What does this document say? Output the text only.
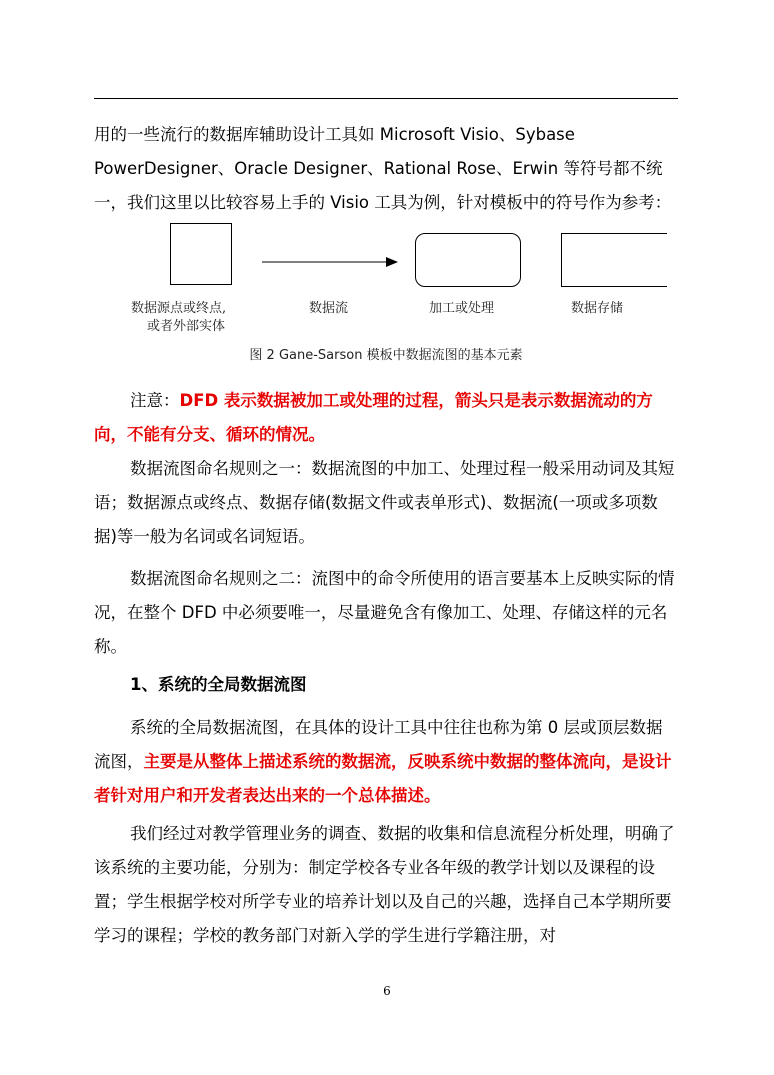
用的一些流行的数据库辅助设计工具如 Microsoft Visio、Sybase
PowerDesigner、Oracle Designer、Rational Rose、Erwin 等符号都不统
一，我们这里以比较容易上手的 Visio 工具为例，针对模板中的符号作为参考：
数据源点或终点,
或者外部实体
数据流	加工或处理	数据存储
图 2 Gane-Sarson 模板中数据流图的基本元素
注意：DFD 表示数据被加工或处理的过程，箭头只是表示数据流动的方向，不能有分支、循环的情况。
数据流图命名规则之一：数据流图的中加工、处理过程一般采用动词及其短语；数据源点或终点、数据存储(数据文件或表单形式)、数据流(一项或多项数据)等一般为名词或名词短语。
数据流图命名规则之二：流图中的命令所使用的语言要基本上反映实际的情况，在整个 DFD 中必须要唯一，尽量避免含有像加工、处理、存储这样的元名称。
1、系统的全局数据流图
系统的全局数据流图，在具体的设计工具中往往也称为第 0 层或顶层数据流图，主要是从整体上描述系统的数据流，反映系统中数据的整体流向，是设计者针对用户和开发者表达出来的一个总体描述。
我们经过对教学管理业务的调查、数据的收集和信息流程分析处理，明确了该系统的主要功能，分别为：制定学校各专业各年级的教学计划以及课程的设置；学生根据学校对所学专业的培养计划以及自己的兴趣，选择自己本学期所要学习的课程；学校的教务部门对新入学的学生进行学籍注册，对
6
